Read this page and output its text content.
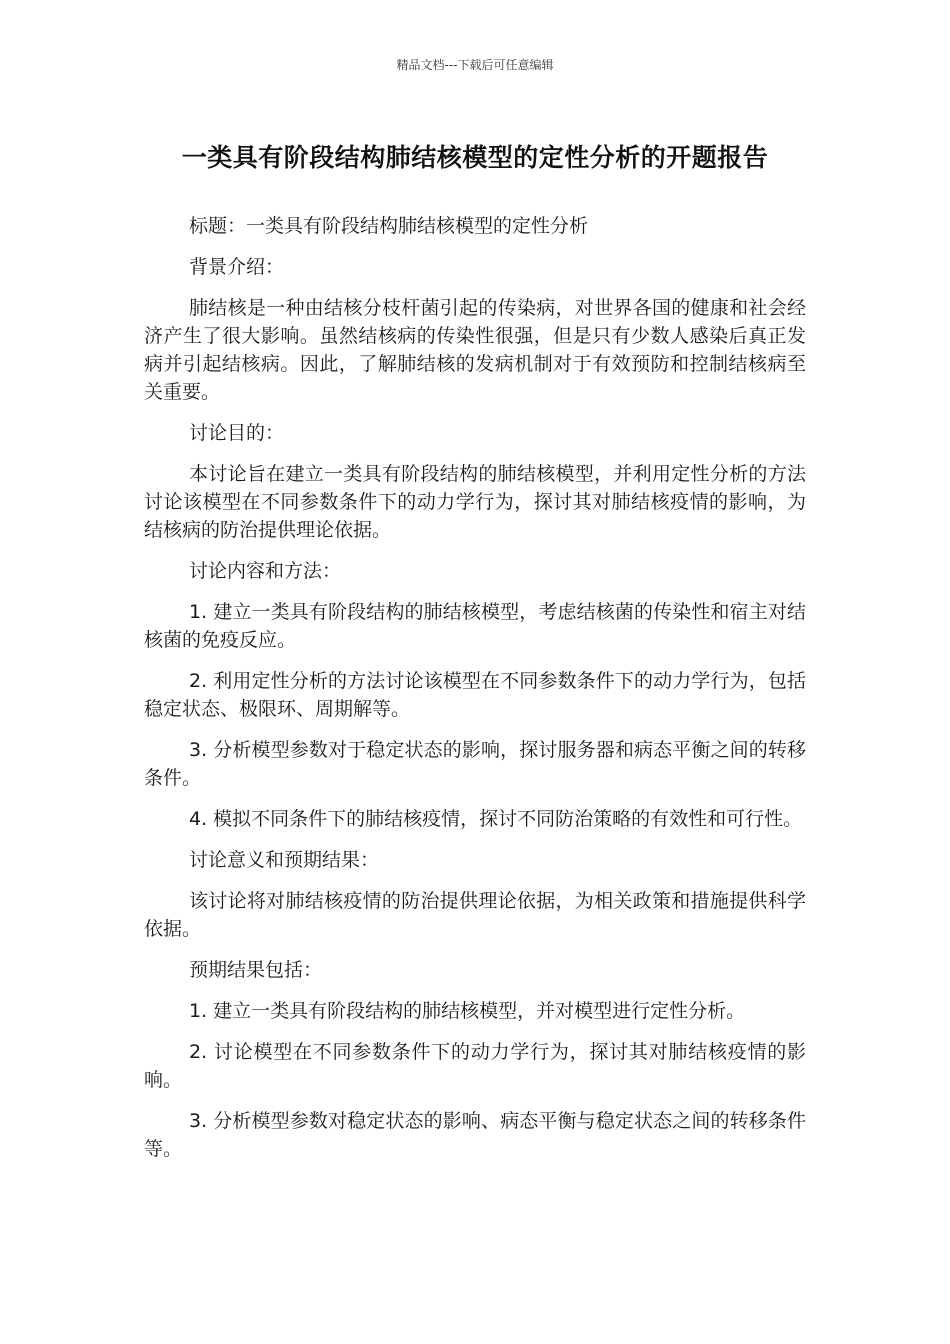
精品文档---下载后可任意编辑
一类具有阶段结构肺结核模型的定性分析的开题报告

标题：一类具有阶段结构肺结核模型的定性分析

背景介绍：

肺结核是一种由结核分枝杆菌引起的传染病，对世界各国的健康和社会经济产生了很大影响。虽然结核病的传染性很强，但是只有少数人感染后真正发病并引起结核病。因此，了解肺结核的发病机制对于有效预防和控制结核病至关重要。

讨论目的：

本讨论旨在建立一类具有阶段结构的肺结核模型，并利用定性分析的方法讨论该模型在不同参数条件下的动力学行为，探讨其对肺结核疫情的影响，为结核病的防治提供理论依据。

讨论内容和方法：

1. 建立一类具有阶段结构的肺结核模型，考虑结核菌的传染性和宿主对结核菌的免疫反应。

2. 利用定性分析的方法讨论该模型在不同参数条件下的动力学行为，包括稳定状态、极限环、周期解等。

3. 分析模型参数对于稳定状态的影响，探讨服务器和病态平衡之间的转移条件。

4. 模拟不同条件下的肺结核疫情，探讨不同防治策略的有效性和可行性。

讨论意义和预期结果：

该讨论将对肺结核疫情的防治提供理论依据，为相关政策和措施提供科学依据。

预期结果包括：

1. 建立一类具有阶段结构的肺结核模型，并对模型进行定性分析。

2. 讨论模型在不同参数条件下的动力学行为，探讨其对肺结核疫情的影响。

3. 分析模型参数对稳定状态的影响、病态平衡与稳定状态之间的转移条件等。
